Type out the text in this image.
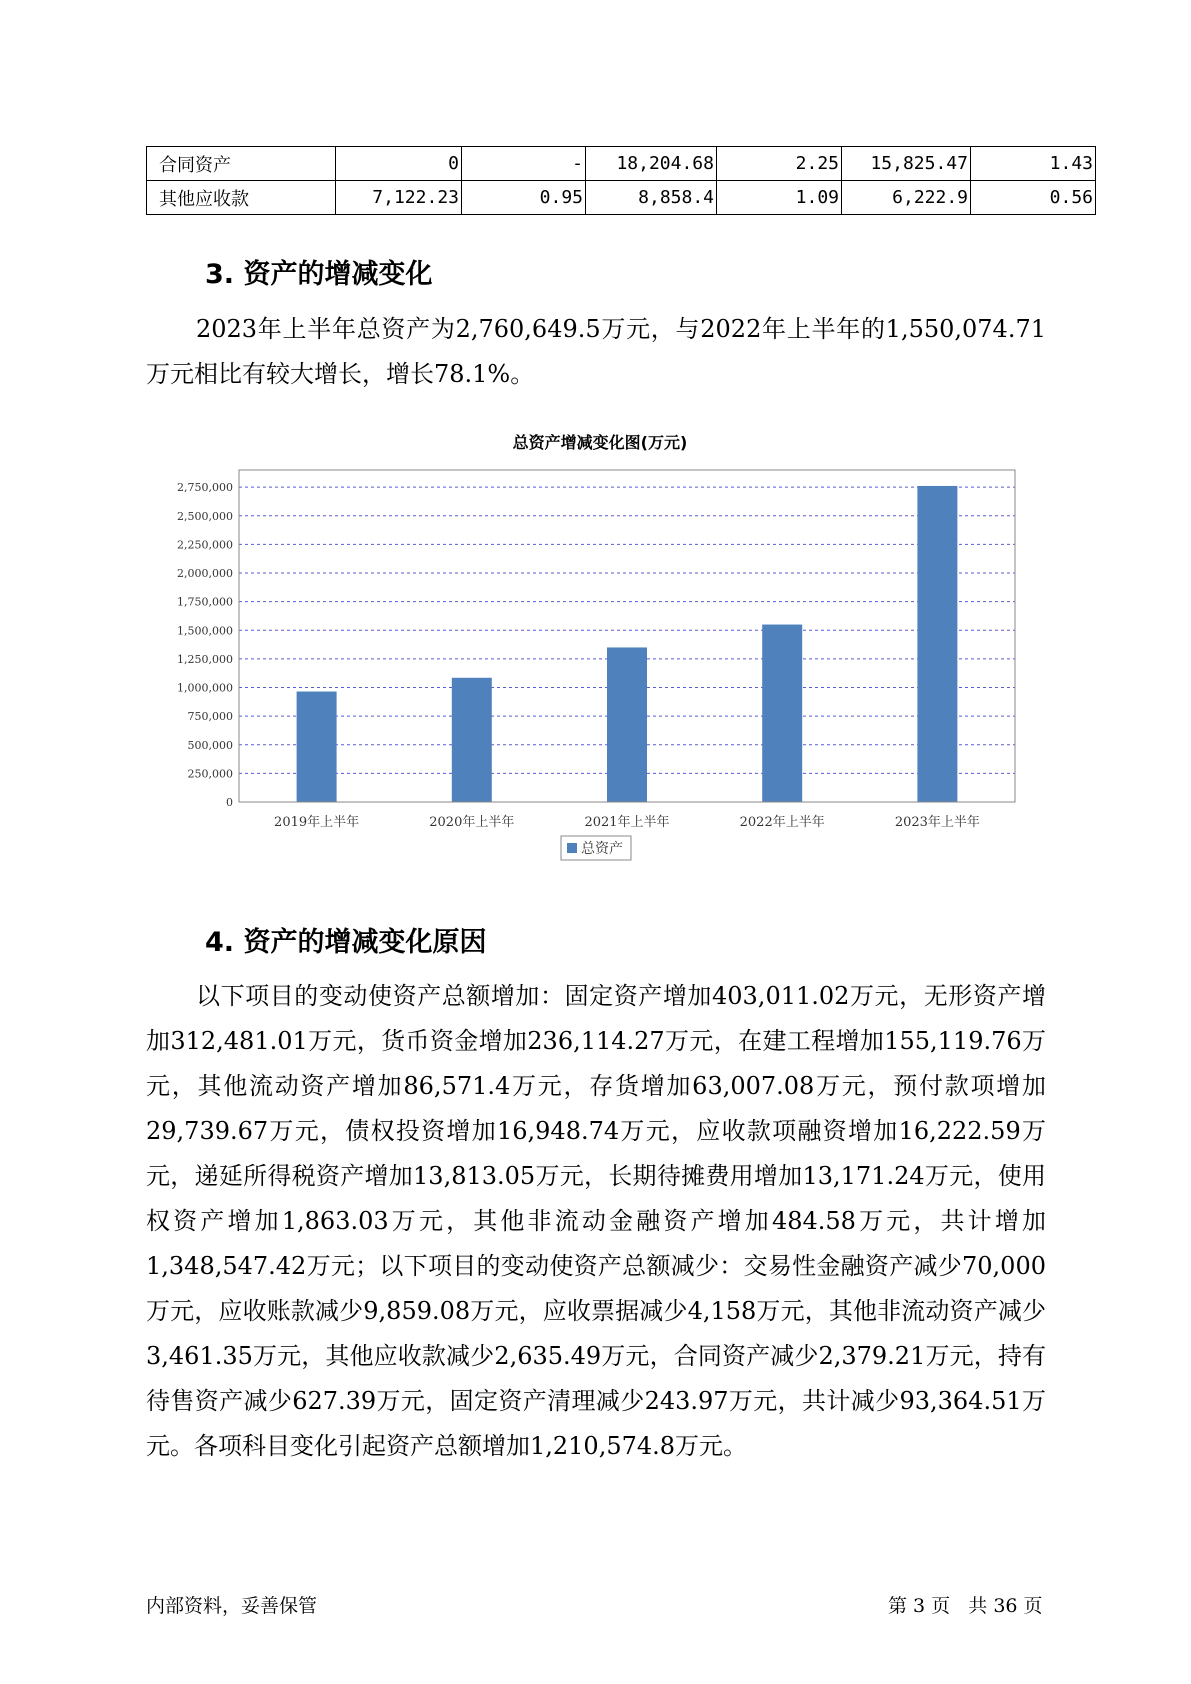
合同资产	0	-	18,204.68	2.25	15,825.47	1.43
其他应收款	7,122.23	0.95	8,858.4	1.09	6,222.9	0.56
3. 资产的增减变化

2023年上半年总资产为2,760,649.5万元，与2022年上半年的1,550,074.71万元相比有较大增长，增长78.1%。

总资产增减变化图(万元)
0
250,000
500,000
750,000
1,000,000
1,250,000
1,500,000
1,750,000
2,000,000
2,250,000
2,500,000
2,750,000
2019年上半年	2020年上半年	2021年上半年	2022年上半年	2023年上半年
总资产
4. 资产的增减变化原因

以下项目的变动使资产总额增加：固定资产增加403,011.02万元，无形资产增加312,481.01万元，货币资金增加236,114.27万元，在建工程增加155,119.76万元，其他流动资产增加86,571.4万元，存货增加63,007.08万元，预付款项增加29,739.67万元，债权投资增加16,948.74万元，应收款项融资增加16,222.59万元，递延所得税资产增加13,813.05万元，长期待摊费用增加13,171.24万元，使用权资产增加1,863.03万元，其他非流动金融资产增加484.58万元，共计增加1,348,547.42万元；以下项目的变动使资产总额减少：交易性金融资产减少70,000万元，应收账款减少9,859.08万元，应收票据减少4,158万元，其他非流动资产减少3,461.35万元，其他应收款减少2,635.49万元，合同资产减少2,379.21万元，持有待售资产减少627.39万元，固定资产清理减少243.97万元，共计减少93,364.51万元。各项科目变化引起资产总额增加1,210,574.8万元。

内部资料，妥善保管	第 3 页   共 36 页
